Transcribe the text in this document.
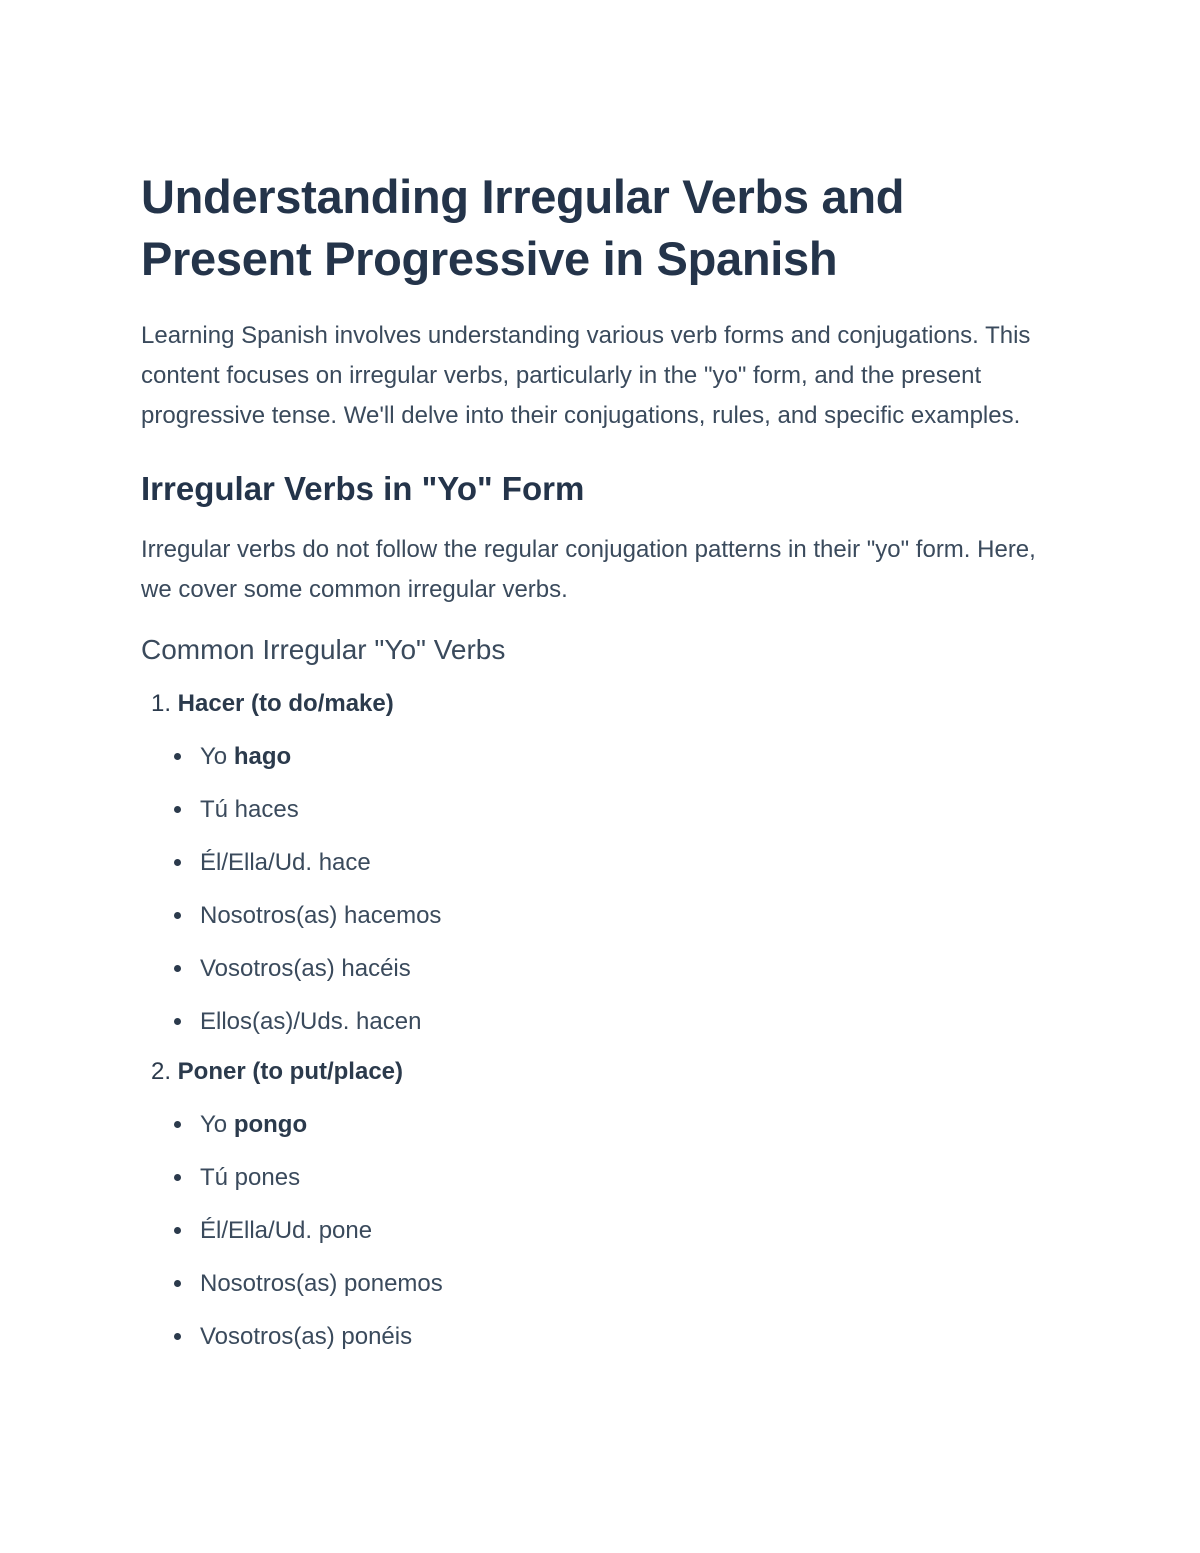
Understanding Irregular Verbs and Present Progressive in Spanish

Learning Spanish involves understanding various verb forms and conjugations. This content focuses on irregular verbs, particularly in the "yo" form, and the present progressive tense. We'll delve into their conjugations, rules, and specific examples.

Irregular Verbs in "Yo" Form

Irregular verbs do not follow the regular conjugation patterns in their "yo" form. Here, we cover some common irregular verbs.

Common Irregular "Yo" Verbs
1.
Hacer (to do/make)
Yo hago
Tú haces
Él/Ella/Ud. hace
Nosotros(as) hacemos
Vosotros(as) hacéis
Ellos(as)/Uds. hacen
2.
Poner (to put/place)
Yo pongo
Tú pones
Él/Ella/Ud. pone
Nosotros(as) ponemos
Vosotros(as) ponéis
